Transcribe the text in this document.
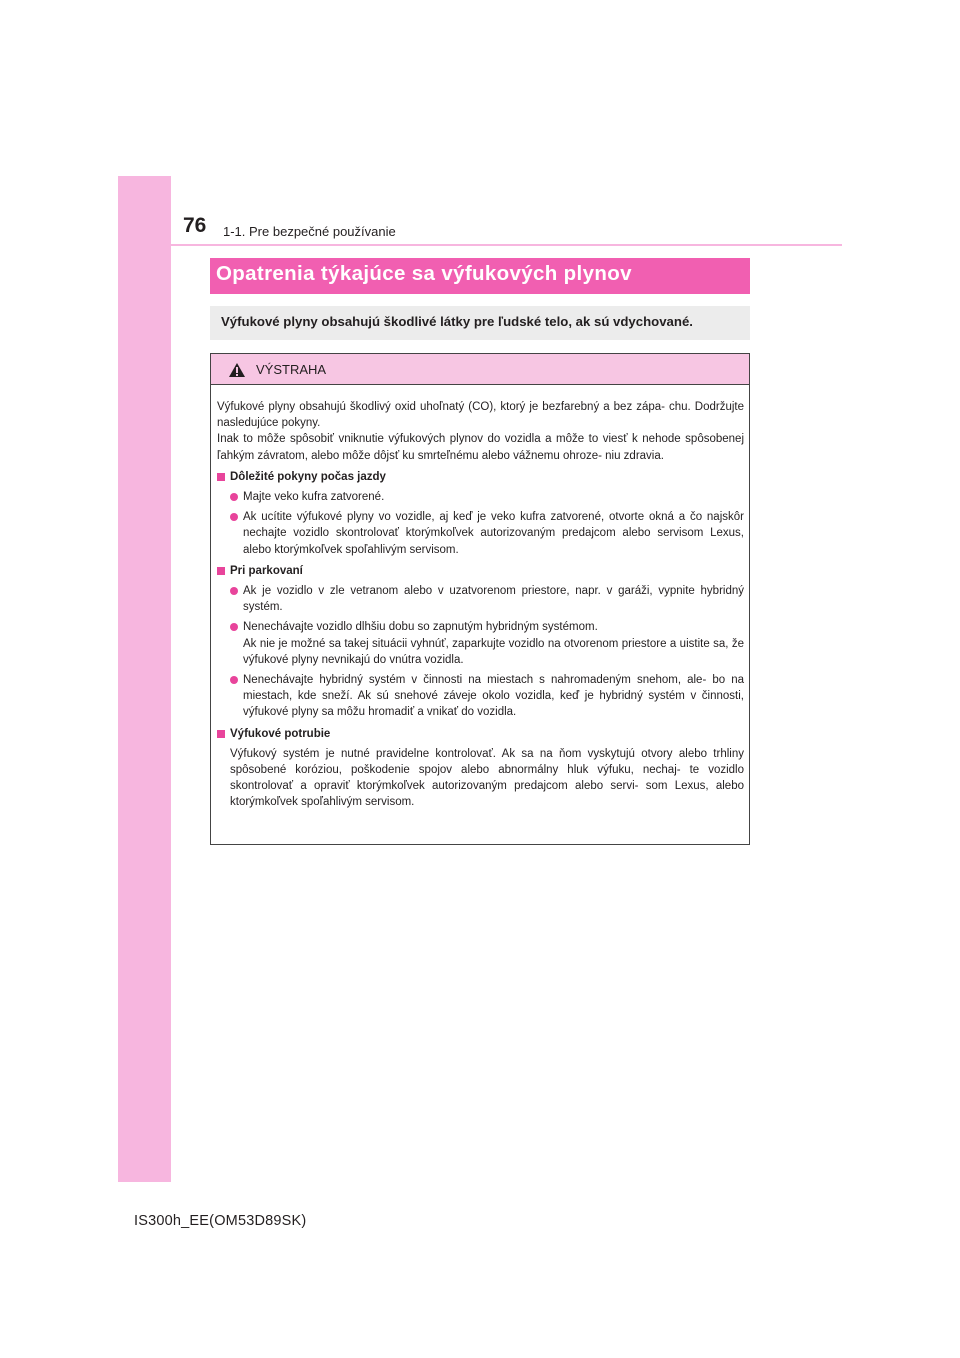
76 1-1. Pre bezpečné používanie
Opatrenia týkajúce sa výfukových plynov
Výfukové plyny obsahujú škodlivé látky pre ľudské telo, ak sú vdychované.
VÝSTRAHA

Výfukové plyny obsahujú škodlivý oxid uhoľnatý (CO), ktorý je bezfarebný a bez zápa- chu. Dodržujte nasledujúce pokyny.
Inak to môže spôsobiť vniknutie výfukových plynov do vozidla a môže to viesť k nehode spôsobenej ľahkým závratom, alebo môže dôjsť ku smrteľnému alebo vážnemu ohroze- niu zdravia.

Dôležité pokyny počas jazdy

Majte veko kufra zatvorené.

Ak ucítite výfukové plyny vo vozidle, aj keď je veko kufra zatvorené, otvorte okná a čo najskôr nechajte vozidlo skontrolovať ktorýmkoľvek autorizovaným predajcom alebo servisom Lexus, alebo ktorýmkoľvek spoľahlivým servisom.

Pri parkovaní

Ak je vozidlo v zle vetranom alebo v uzatvorenom priestore, napr. v garáži, vypnite hybridný systém.

Nenechávajte vozidlo dlhšiu dobu so zapnutým hybridným systémom.
Ak nie je možné sa takej situácii vyhnúť, zaparkujte vozidlo na otvorenom priestore a uistite sa, že výfukové plyny nevnikajú do vnútra vozidla.

Nenechávajte hybridný systém v činnosti na miestach s nahromadeným snehom, ale- bo na miestach, kde sneží. Ak sú snehové záveje okolo vozidla, keď je hybridný systém v činnosti, výfukové plyny sa môžu hromadiť a vnikať do vozidla.

Výfukové potrubie

Výfukový systém je nutné pravidelne kontrolovať. Ak sa na ňom vyskytujú otvory alebo trhliny spôsobené koróziou, poškodenie spojov alebo abnormálny hluk výfuku, nechaj- te vozidlo skontrolovať a opraviť ktorýmkoľvek autorizovaným predajcom alebo servi- som Lexus, alebo ktorýmkoľvek spoľahlivým servisom.

IS300h_EE(OM53D89SK)
